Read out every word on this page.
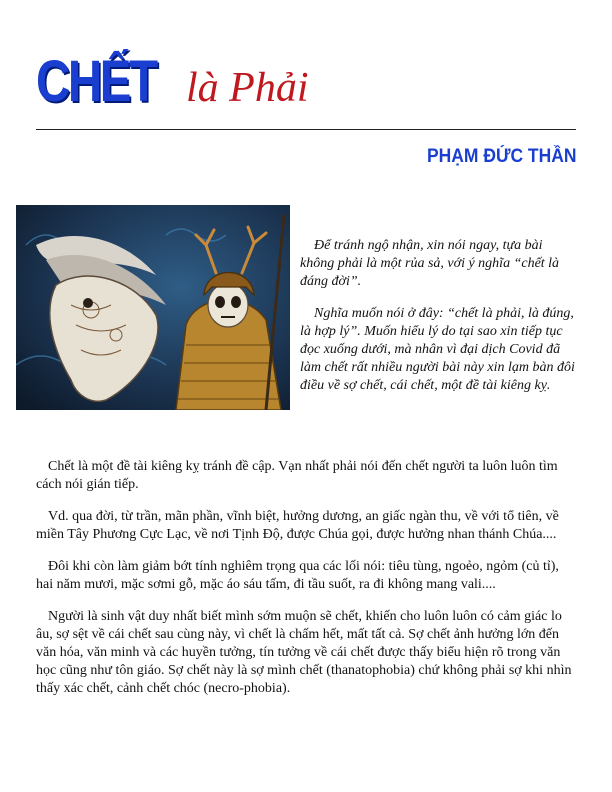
CHẾT là Phải
PHẠM ĐỨC THẦN

Để tránh ngộ nhận, xin nói ngay, tựa bài không phải là một rủa sả, với ý nghĩa “chết là đáng đời”.

Nghĩa muốn nói ở đây: “chết là phải, là đúng, là hợp lý”. Muốn hiểu lý do tại sao xin tiếp tục đọc xuống dưới, mà nhân vì đại dịch Covid đã làm chết rất nhiều người bài này xin lạm bàn đôi điều về sợ chết, cái chết, một đề tài kiêng kỵ.

Chết là một đề tài kiêng kỵ tránh đề cập. Vạn nhất phải nói đến chết người ta luôn luôn tìm cách nói gián tiếp.

Vd. qua đời, từ trần, mãn phần, vĩnh biệt, hưởng dương, an giấc ngàn thu, về với tổ tiên, về miền Tây Phương Cực Lạc, về nơi Tịnh Độ, được Chúa gọi, được hưởng nhan thánh Chúa....

Đôi khi còn làm giảm bớt tính nghiêm trọng qua các lối nói: tiêu tùng, ngoẻo, ngỏm (củ tỉ), hai năm mươi, mặc sơmi gỗ, mặc áo sáu tấm, đi tầu suốt, ra đi không mang vali....

Người là sinh vật duy nhất biết mình sớm muộn sẽ chết, khiến cho luôn luôn có cảm giác lo âu, sợ sệt về cái chết sau cùng này, vì chết là chấm hết, mất tất cả. Sợ chết ảnh hưởng lớn đến văn hóa, văn minh và các huyền tưởng, tín tưởng về cái chết được thấy biểu hiện rõ trong văn học cũng như tôn giáo. Sợ chết này là sợ mình chết (thanatophobia) chứ không phải sợ khi nhìn thấy xác chết, cảnh chết chóc (necro-phobia).
